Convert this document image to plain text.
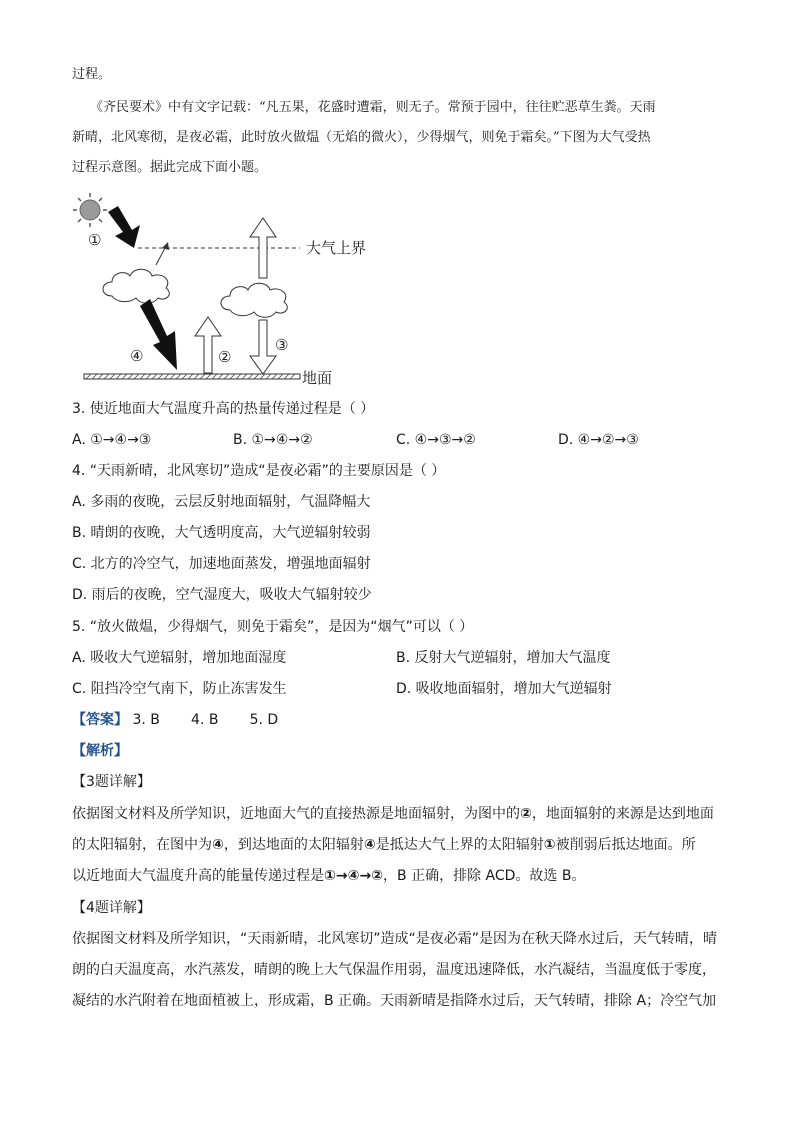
过程。
《齐民要术》中有文字记载：“凡五果，花盛时遭霜，则无子。常预于园中，往往贮恶草生粪。天雨
新晴，北风寒彻，是夜必霜，此时放火做煴（无焰的微火），少得烟气，则免于霜矣。”下图为大气受热
过程示意图。据此完成下面小题。
大气上界
①
④	②
③
地面
3. 使近地面大气温度升高的热量传递过程是（ ）
A. ①→④→③	B. ①→④→②	C. ④→③→②	D. ④→②→③
4. “天雨新晴，北风寒切”造成“是夜必霜”的主要原因是（ ）
A. 多雨的夜晚，云层反射地面辐射，气温降幅大
B. 晴朗的夜晚，大气透明度高，大气逆辐射较弱
C. 北方的冷空气，加速地面蒸发，增强地面辐射
D. 雨后的夜晚，空气湿度大，吸收大气辐射较少
5. “放火做煴，少得烟气，则免于霜矣”，是因为“烟气”可以（ ）
A. 吸收大气逆辐射，增加地面湿度	B. 反射大气逆辐射，增加大气温度
C. 阻挡冷空气南下，防止冻害发生	D. 吸收地面辐射，增加大气逆辐射
【答案】 3. B 4. B 5. D
【解析】
【3题详解】
依据图文材料及所学知识，近地面大气的直接热源是地面辐射，为图中的②，地面辐射的来源是达到地面
的太阳辐射，在图中为④，到达地面的太阳辐射④是抵达大气上界的太阳辐射①被削弱后抵达地面。所
以近地面大气温度升高的能量传递过程是①→④→②，B 正确，排除 ACD。故选 B。
【4题详解】
依据图文材料及所学知识，“天雨新晴，北风寒切”造成“是夜必霜”是因为在秋天降水过后，天气转晴，晴
朗的白天温度高，水汽蒸发，晴朗的晚上大气保温作用弱，温度迅速降低，水汽凝结，当温度低于零度，
凝结的水汽附着在地面植被上，形成霜，B 正确。天雨新晴是指降水过后，天气转晴，排除 A；冷空气加
